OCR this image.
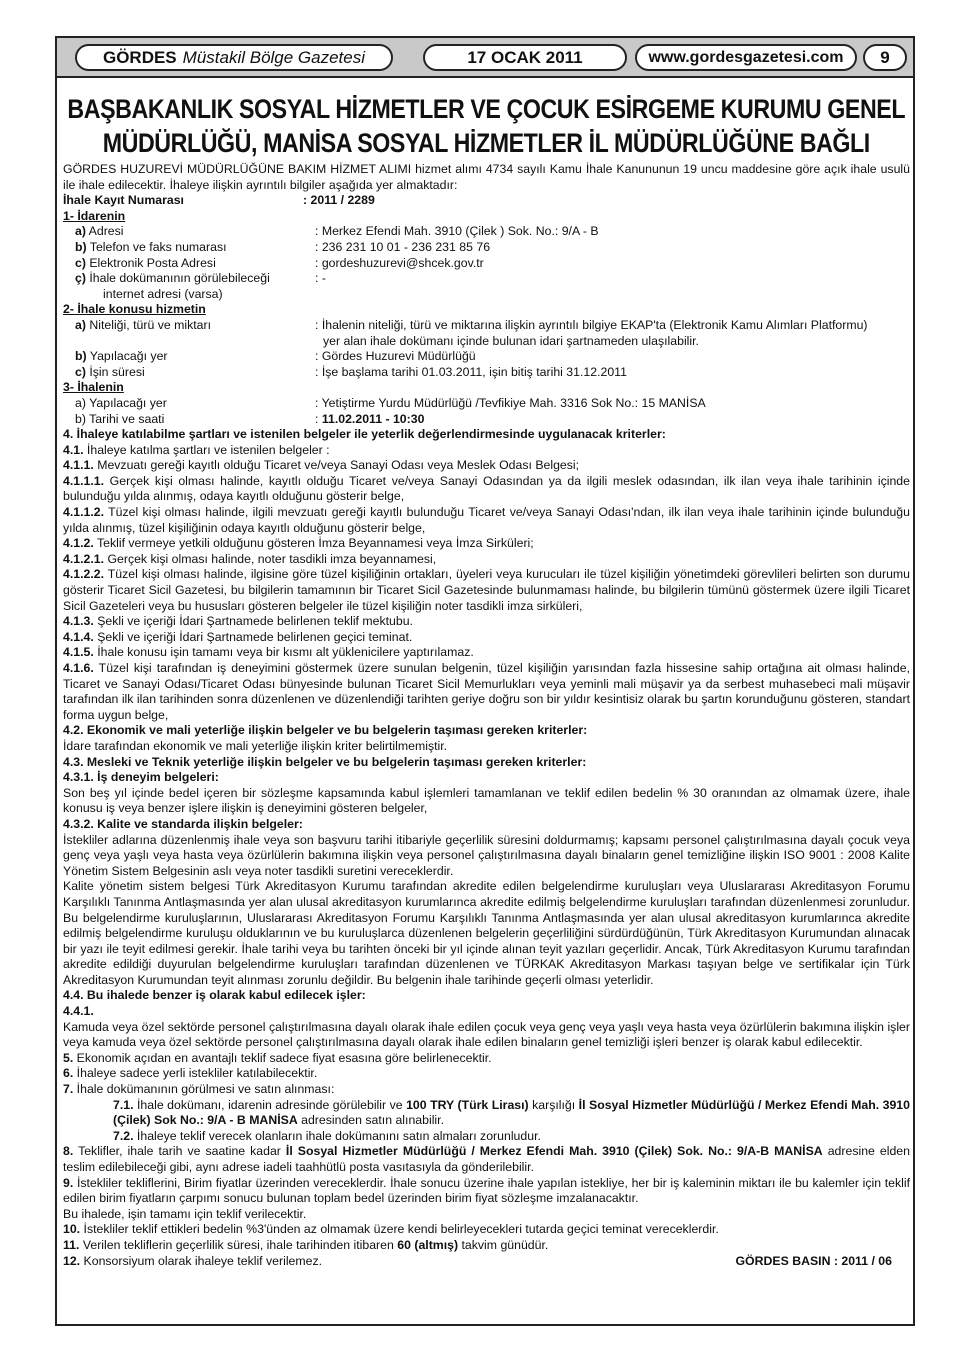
GÖRDES Müstakil Bölge Gazetesi	17 OCAK 2011	www.gordesgazetesi.com 9
BAŞBAKANLIK SOSYAL HİZMETLER VE ÇOCUK ESİRGEME KURUMU GENEL MÜDÜRLÜĞÜ, MANİSA SOSYAL HİZMETLER İL MÜDÜRLÜĞÜNE BAĞLI

GÖRDES HUZUREVİ MÜDÜRLÜĞÜNE BAKIM HİZMET ALIMI hizmet alımı 4734 sayılı Kamu İhale Kanununun 19 uncu maddesine göre açık ihale usulü ile ihale edilecektir. İhaleye ilişkin ayrıntılı bilgiler aşağıda yer almaktadır:

İhale Kayıt Numarası	: 2011 / 2289
1- İdarenin
a) Adresi	: Merkez Efendi Mah. 3910 (Çilek ) Sok. No.: 9/A - B
b) Telefon ve faks numarası	: 236 231 10 01 - 236 231 85 76
c) Elektronik Posta Adresi	: gordeshuzurevi@shcek.gov.tr
ç) İhale dokümanının görülebileceği
internet adresi (varsa)
: -
2- İhale konusu hizmetin
a) Niteliği, türü ve miktarı	: İhalenin niteliği, türü ve miktarına ilişkin ayrıntılı bilgiye EKAP'ta (Elektronik Kamu Alımları Platformu)
yer alan ihale dokümanı içinde bulunan idari şartnameden ulaşılabilir.
b) Yapılacağı yer	: Gördes Huzurevi Müdürlüğü
c) İşin süresi	: İşe başlama tarihi 01.03.2011, işin bitiş tarihi 31.12.2011
3- İhalenin
a) Yapılacağı yer	: Yetiştirme Yurdu Müdürlüğü /Tevfikiye Mah. 3316 Sok No.: 15 MANİSA
b) Tarihi ve saati	: 11.02.2011 - 10:30

4. İhaleye katılabilme şartları ve istenilen belgeler ile yeterlik değerlendirmesinde uygulanacak kriterler:

4.1. İhaleye katılma şartları ve istenilen belgeler :

4.1.1. Mevzuatı gereği kayıtlı olduğu Ticaret ve/veya Sanayi Odası veya Meslek Odası Belgesi;

4.1.1.1. Gerçek kişi olması halinde, kayıtlı olduğu Ticaret ve/veya Sanayi Odasından ya da ilgili meslek odasından, ilk ilan veya ihale tarihinin içinde bulunduğu yılda alınmış, odaya kayıtlı olduğunu gösterir belge,

4.1.1.2. Tüzel kişi olması halinde, ilgili mevzuatı gereği kayıtlı bulunduğu Ticaret ve/veya Sanayi Odası'ndan, ilk ilan veya ihale tarihinin içinde bulunduğu yılda alınmış, tüzel kişiliğinin odaya kayıtlı olduğunu gösterir belge,

4.1.2. Teklif vermeye yetkili olduğunu gösteren İmza Beyannamesi veya İmza Sirküleri;

4.1.2.1. Gerçek kişi olması halinde, noter tasdikli imza beyannamesi,

4.1.2.2. Tüzel kişi olması halinde, ilgisine göre tüzel kişiliğinin ortakları, üyeleri veya kurucuları ile tüzel kişiliğin yönetimdeki görevlileri belirten son durumu gösterir Ticaret Sicil Gazetesi, bu bilgilerin tamamının bir Ticaret Sicil Gazetesinde bulunmaması halinde, bu bilgilerin tümünü göstermek üzere ilgili Ticaret Sicil Gazeteleri veya bu hususları gösteren belgeler ile tüzel kişiliğin noter tasdikli imza sirküleri,

4.1.3. Şekli ve içeriği İdari Şartnamede belirlenen teklif mektubu.

4.1.4. Şekli ve içeriği İdari Şartnamede belirlenen geçici teminat.

4.1.5. İhale konusu işin tamamı veya bir kısmı alt yüklenicilere yaptırılamaz.

4.1.6. Tüzel kişi tarafından iş deneyimini göstermek üzere sunulan belgenin, tüzel kişiliğin yarısından fazla hissesine sahip ortağına ait olması halinde, Ticaret ve Sanayi Odası/Ticaret Odası bünyesinde bulunan Ticaret Sicil Memurlukları veya yeminli mali müşavir ya da serbest muhasebeci mali müşavir tarafından ilk ilan tarihinden sonra düzenlenen ve düzenlendiği tarihten geriye doğru son bir yıldır kesintisiz olarak bu şartın korunduğunu gösteren, standart forma uygun belge,

4.2. Ekonomik ve mali yeterliğe ilişkin belgeler ve bu belgelerin taşıması gereken kriterler:

İdare tarafından ekonomik ve mali yeterliğe ilişkin kriter belirtilmemiştir.

4.3. Mesleki ve Teknik yeterliğe ilişkin belgeler ve bu belgelerin taşıması gereken kriterler:

4.3.1. İş deneyim belgeleri:

Son beş yıl içinde bedel içeren bir sözleşme kapsamında kabul işlemleri tamamlanan ve teklif edilen bedelin % 30 oranından az olmamak üzere, ihale konusu iş veya benzer işlere ilişkin iş deneyimini gösteren belgeler,

4.3.2. Kalite ve standarda ilişkin belgeler:

İstekliler adlarına düzenlenmiş ihale veya son başvuru tarihi itibariyle geçerlilik süresini doldurmamış; kapsamı personel çalıştırılmasına dayalı çocuk veya genç veya yaşlı veya hasta veya özürlülerin bakımına ilişkin veya personel çalıştırılmasına dayalı binaların genel temizliğine ilişkin ISO 9001 : 2008 Kalite Yönetim Sistem Belgesinin aslı veya noter tasdikli suretini vereceklerdir.

Kalite yönetim sistem belgesi Türk Akreditasyon Kurumu tarafından akredite edilen belgelendirme kuruluşları veya Uluslararası Akreditasyon Forumu Karşılıklı Tanınma Antlaşmasında yer alan ulusal akreditasyon kurumlarınca akredite edilmiş belgelendirme kuruluşları tarafından düzenlenmesi zorunludur. Bu belgelendirme kuruluşlarının, Uluslararası Akreditasyon Forumu Karşılıklı Tanınma Antlaşmasında yer alan ulusal akreditasyon kurumlarınca akredite edilmiş belgelendirme kuruluşu olduklarının ve bu kuruluşlarca düzenlenen belgelerin geçerliliğini sürdürdüğünün, Türk Akreditasyon Kurumundan alınacak bir yazı ile teyit edilmesi gerekir. İhale tarihi veya bu tarihten önceki bir yıl içinde alınan teyit yazıları geçerlidir. Ancak, Türk Akreditasyon Kurumu tarafından akredite edildiği duyurulan belgelendirme kuruluşları tarafından düzenlenen ve TÜRKAK Akreditasyon Markası taşıyan belge ve sertifikalar için Türk Akreditasyon Kurumundan teyit alınması zorunlu değildir. Bu belgenin ihale tarihinde geçerli olması yeterlidir.

4.4. Bu ihalede benzer iş olarak kabul edilecek işler:

4.4.1.

Kamuda veya özel sektörde personel çalıştırılmasına dayalı olarak ihale edilen çocuk veya genç veya yaşlı veya hasta veya özürlülerin bakımına ilişkin işler veya kamuda veya özel sektörde personel çalıştırılmasına dayalı olarak ihale edilen binaların genel temizliği işleri benzer iş olarak kabul edilecektir.

5. Ekonomik açıdan en avantajlı teklif sadece fiyat esasına göre belirlenecektir.

6. İhaleye sadece yerli istekliler katılabilecektir.

7. İhale dokümanının görülmesi ve satın alınması:

7.1. İhale dokümanı, idarenin adresinde görülebilir ve 100 TRY (Türk Lirası) karşılığı İl Sosyal Hizmetler Müdürlüğü / Merkez Efendi Mah. 3910 (Çilek) Sok No.: 9/A - B MANİSA adresinden satın alınabilir.

7.2. İhaleye teklif verecek olanların ihale dokümanını satın almaları zorunludur.

8. Teklifler, ihale tarih ve saatine kadar İl Sosyal Hizmetler Müdürlüğü / Merkez Efendi Mah. 3910 (Çilek) Sok. No.: 9/A-B MANİSA adresine elden teslim edilebileceği gibi, aynı adrese iadeli taahhütlü posta vasıtasıyla da gönderilebilir.

9. İstekliler tekliflerini, Birim fiyatlar üzerinden vereceklerdir. İhale sonucu üzerine ihale yapılan istekliye, her bir iş kaleminin miktarı ile bu kalemler için teklif edilen birim fiyatların çarpımı sonucu bulunan toplam bedel üzerinden birim fiyat sözleşme imzalanacaktır.

Bu ihalede, işin tamamı için teklif verilecektir.

10. İstekliler teklif ettikleri bedelin %3'ünden az olmamak üzere kendi belirleyecekleri tutarda geçici teminat vereceklerdir.

11. Verilen tekliflerin geçerlilik süresi, ihale tarihinden itibaren 60 (altmış) takvim günüdür.

12. Konsorsiyum olarak ihaleye teklif verilemez.	GÖRDES BASIN : 2011 / 06
